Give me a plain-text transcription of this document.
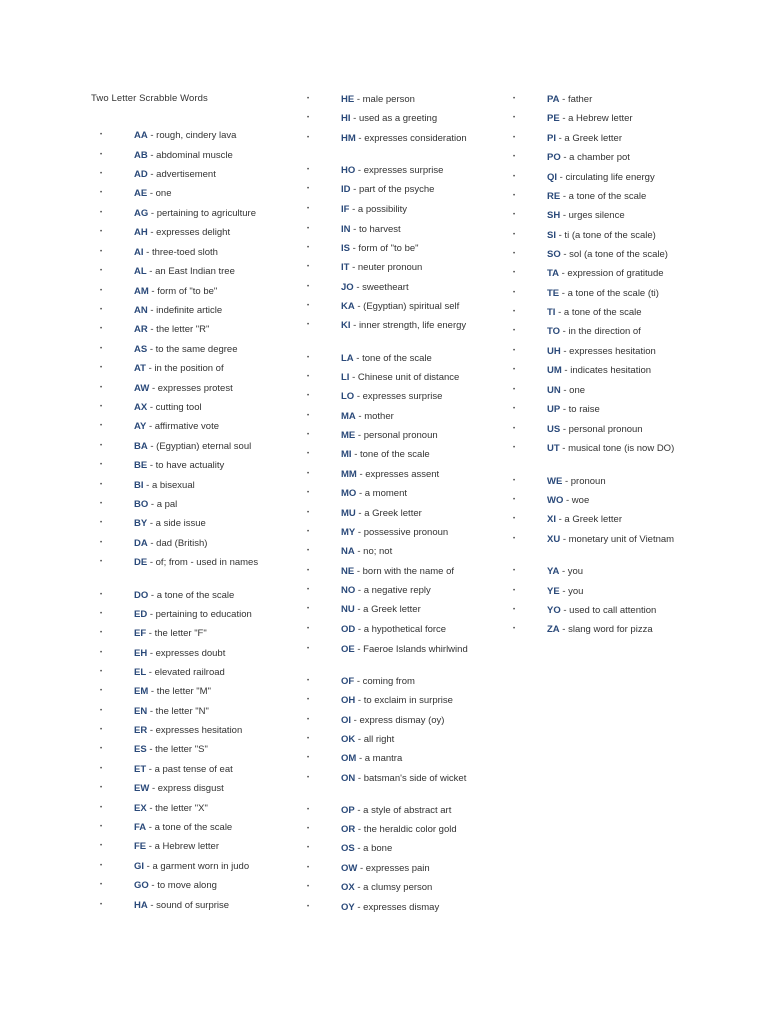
Two Letter Scrabble Words
•	AA - rough, cindery lava
•	AB - abdominal muscle
•	AD - advertisement
•	AE - one
•	AG - pertaining to agriculture
•	AH - expresses delight
•	AI - three-toed sloth
•	AL - an East Indian tree
•	AM - form of "to be"
•	AN - indefinite article
•	AR - the letter "R"
•	AS - to the same degree
•	AT - in the position of
•	AW - expresses protest
•	AX - cutting tool
•	AY - affirmative vote
•	BA - (Egyptian) eternal soul
•	BE - to have actuality
•	BI - a bisexual
•	BO - a pal
•	BY - a side issue
•	DA - dad (British)
•	DE - of; from - used in names
•	DO - a tone of the scale
•	ED - pertaining to education
•	EF - the letter "F"
•	EH - expresses doubt
•	EL - elevated railroad
•	EM - the letter "M"
•	EN - the letter "N"
•	ER - expresses hesitation
•	ES - the letter "S"
•	ET - a past tense of eat
•	EW - express disgust
•	EX - the letter "X"
•	FA - a tone of the scale
•	FE - a Hebrew letter
•	GI - a garment worn in judo
•	GO - to move along
•	HA - sound of surprise
•	HE - male person
•	HI - used as a greeting
•	HM - expresses consideration
•	HO - expresses surprise
•	ID - part of the psyche
•	IF - a possibility
•	IN - to harvest
•	IS - form of "to be"
•	IT - neuter pronoun
•	JO - sweetheart
•	KA - (Egyptian) spiritual self
•	KI - inner strength, life energy
•	LA - tone of the scale
•	LI - Chinese unit of distance
•	LO - expresses surprise
•	MA - mother
•	ME - personal pronoun
•	MI - tone of the scale
•	MM - expresses assent
•	MO - a moment
•	MU - a Greek letter
•	MY - possessive pronoun
•	NA - no; not
•	NE - born with the name of
•	NO - a negative reply
•	NU - a Greek letter
•	OD - a hypothetical force
•	OE - Faeroe Islands whirlwind
•	OF - coming from
•	OH - to exclaim in surprise
•	OI - express dismay (oy)
•	OK - all right
•	OM - a mantra
•	ON - batsman's side of wicket
•	OP - a style of abstract art
•	OR - the heraldic color gold
•	OS - a bone
•	OW - expresses pain
•	OX - a clumsy person
•	OY - expresses dismay
•	PA - father
•	PE - a Hebrew letter
•	PI - a Greek letter
•	PO - a chamber pot
•	QI - circulating life energy
•	RE - a tone of the scale
•	SH - urges silence
•	SI - ti (a tone of the scale)
•	SO - sol (a tone of the scale)
•	TA - expression of gratitude
•	TE - a tone of the scale (ti)
•	TI - a tone of the scale
•	TO - in the direction of
•	UH - expresses hesitation
•	UM - indicates hesitation
•	UN - one
•	UP - to raise
•	US - personal pronoun
•	UT - musical tone (is now DO)
•	WE - pronoun
•	WO - woe
•	XI - a Greek letter
•	XU - monetary unit of Vietnam
•	YA - you
•	YE - you
•	YO - used to call attention
•	ZA - slang word for pizza
